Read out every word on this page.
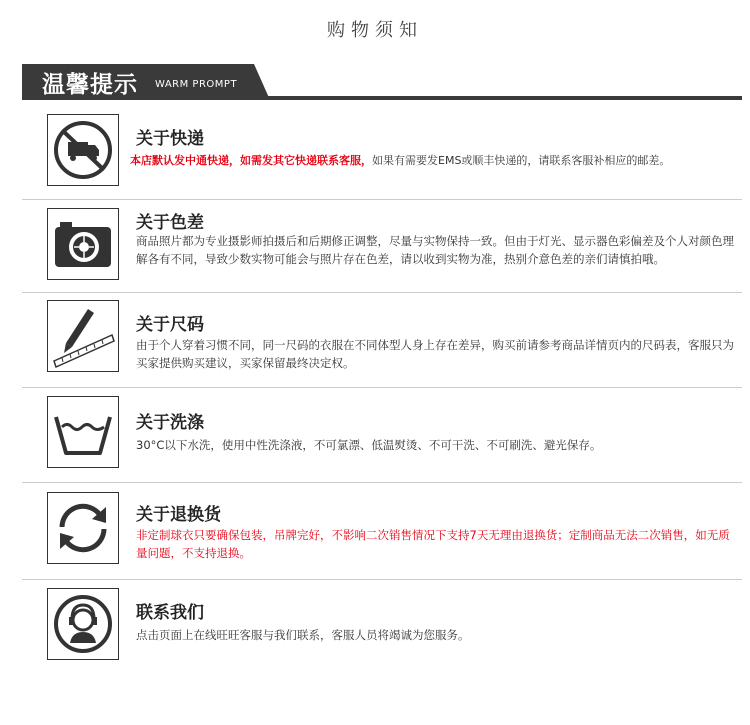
购物须知
温馨提示 WARM PROMPT
关于快递
本店默认发中通快递，如需发其它快递联系客服，如果有需要发EMS或顺丰快递的，请联系客服补相应的邮差。
关于色差
商品照片都为专业摄影师拍摄后和后期修正调整，尽量与实物保持一致。但由于灯光、显示器色彩偏差及个人对颜色理解各有不同，导致少数实物可能会与照片存在色差，请以收到实物为准，热别介意色差的亲们请慎拍哦。
关于尺码
由于个人穿着习惯不同，同一尺码的衣服在不同体型人身上存在差异，购买前请参考商品详情页内的尺码表，客服只为买家提供购买建议，买家保留最终决定权。
关于洗涤
30°C以下水洗，使用中性洗涤液，不可氯漂、低温熨烫、不可干洗、不可刷洗、避光保存。
关于退换货
非定制球衣只要确保包装，吊牌完好，不影响二次销售情况下支持7天无理由退换货；定制商品无法二次销售，如无质量问题，不支持退换。
联系我们
点击页面上在线旺旺客服与我们联系，客服人员将竭诚为您服务。
